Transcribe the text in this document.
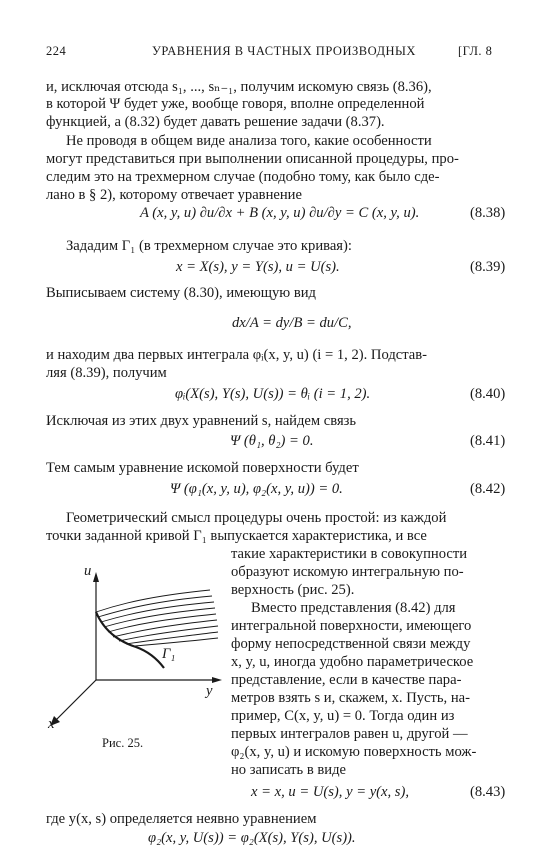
224	УРАВНЕНИЯ В ЧАСТНЫХ ПРОИЗВОДНЫХ	[ГЛ. 8
и, исключая отсюда s₁, ..., sₙ₋₁, получим искомую связь (8.36),
в которой Ψ будет уже, вообще говоря, вполне определенной
функцией, а (8.32) будет давать решение задачи (8.37).
Не проводя в общем виде анализа того, какие особенности
могут представиться при выполнении описанной процедуры, про-
следим это на трехмерном случае (подобно тому, как было сде-
лано в § 2), которому отвечает уравнение
A (x, y, u) ∂u/∂x + B (x, y, u) ∂u/∂y = C (x, y, u).	(8.38)
Зададим Γ₁ (в трехмерном случае это кривая):
x = X(s), y = Y(s), u = U(s).	(8.39)
Выписываем систему (8.30), имеющую вид
dx/A = dy/B = du/C,
и находим два первых интеграла φᵢ(x, y, u) (i = 1, 2). Подстав-
ляя (8.39), получим
φᵢ(X(s), Y(s), U(s)) = θᵢ (i = 1, 2).	(8.40)
Исключая из этих двух уравнений s, найдем связь
Ψ (θ₁, θ₂) = 0.	(8.41)
Тем самым уравнение искомой поверхности будет
Ψ (φ₁(x, y, u), φ₂(x, y, u)) = 0.	(8.42)
Геометрический смысл процедуры очень простой: из каждой
точки заданной кривой Γ₁ выпускается характеристика, и все
такие характеристики в совокупности
образуют искомую интегральную по-
верхность (рис. 25).
Вместо представления (8.42) для
интегральной поверхности, имеющего
форму непосредственной связи между
x, y, u, иногда удобно параметрическое
представление, если в качестве пара-
метров взять s и, скажем, x. Пусть, на-
пример, C(x, y, u) = 0. Тогда один из
первых интегралов равен u, другой —
φ₂(x, y, u) и искомую поверхность мож-
но записать в виде
u
y
x
Γ₁
Рис. 25.
x = x, u = U(s), y = y(x, s),	(8.43)
где y(x, s) определяется неявно уравнением
φ₂(x, y, U(s)) = φ₂(X(s), Y(s), U(s)).
